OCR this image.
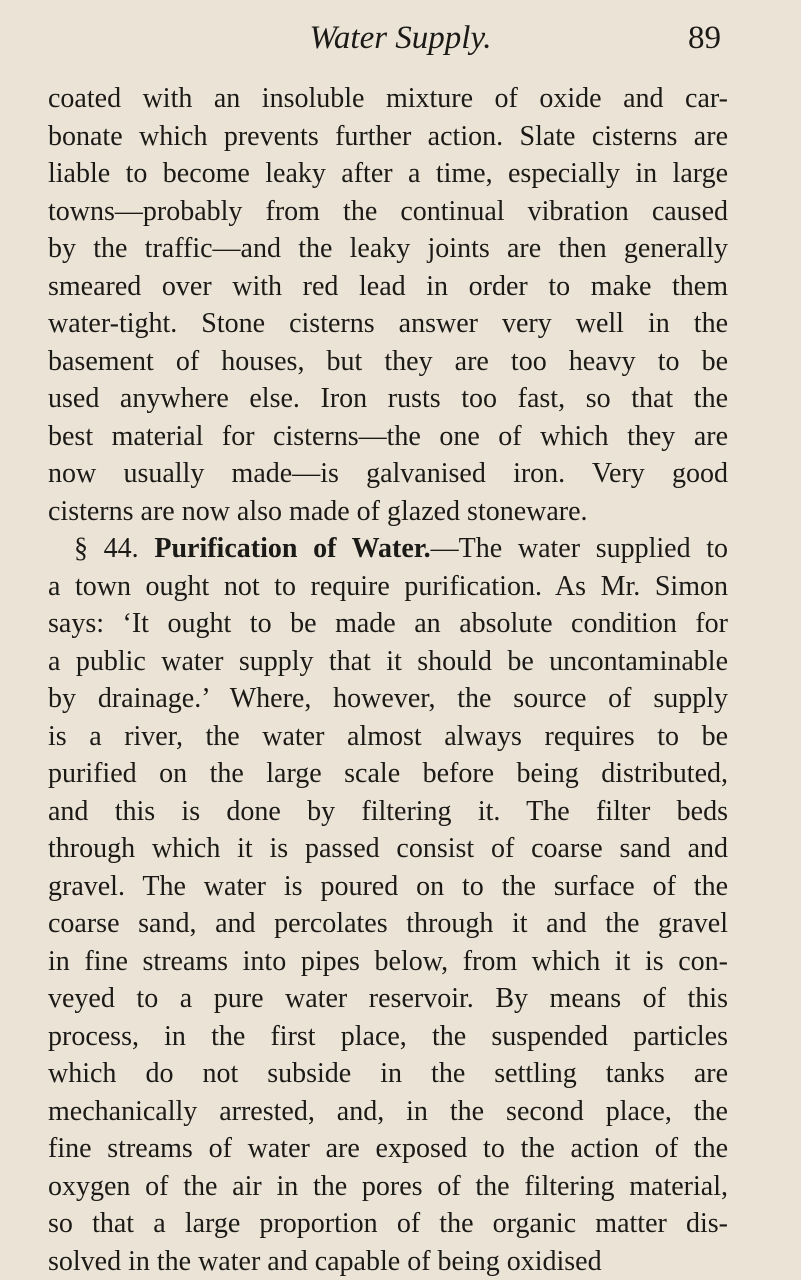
Water Supply.	89
coated with an insoluble mixture of oxide and car-
bonate which prevents further action. Slate cisterns are
liable to become leaky after a time, especially in large
towns—probably from the continual vibration caused
by the traffic—and the leaky joints are then generally
smeared over with red lead in order to make them
water-tight. Stone cisterns answer very well in the
basement of houses, but they are too heavy to be
used anywhere else. Iron rusts too fast, so that the
best material for cisterns—the one of which they are
now usually made—is galvanised iron. Very good
cisterns are now also made of glazed stoneware.
§ 44. Purification of Water.—The water supplied to
a town ought not to require purification. As Mr. Simon
says: ‘It ought to be made an absolute condition for
a public water supply that it should be uncontaminable
by drainage.’ Where, however, the source of supply
is a river, the water almost always requires to be
purified on the large scale before being distributed,
and this is done by filtering it. The filter beds
through which it is passed consist of coarse sand and
gravel. The water is poured on to the surface of the
coarse sand, and percolates through it and the gravel
in fine streams into pipes below, from which it is con-
veyed to a pure water reservoir. By means of this
process, in the first place, the suspended particles
which do not subside in the settling tanks are
mechanically arrested, and, in the second place, the
fine streams of water are exposed to the action of the
oxygen of the air in the pores of the filtering material,
so that a large proportion of the organic matter dis-
solved in the water and capable of being oxidised
